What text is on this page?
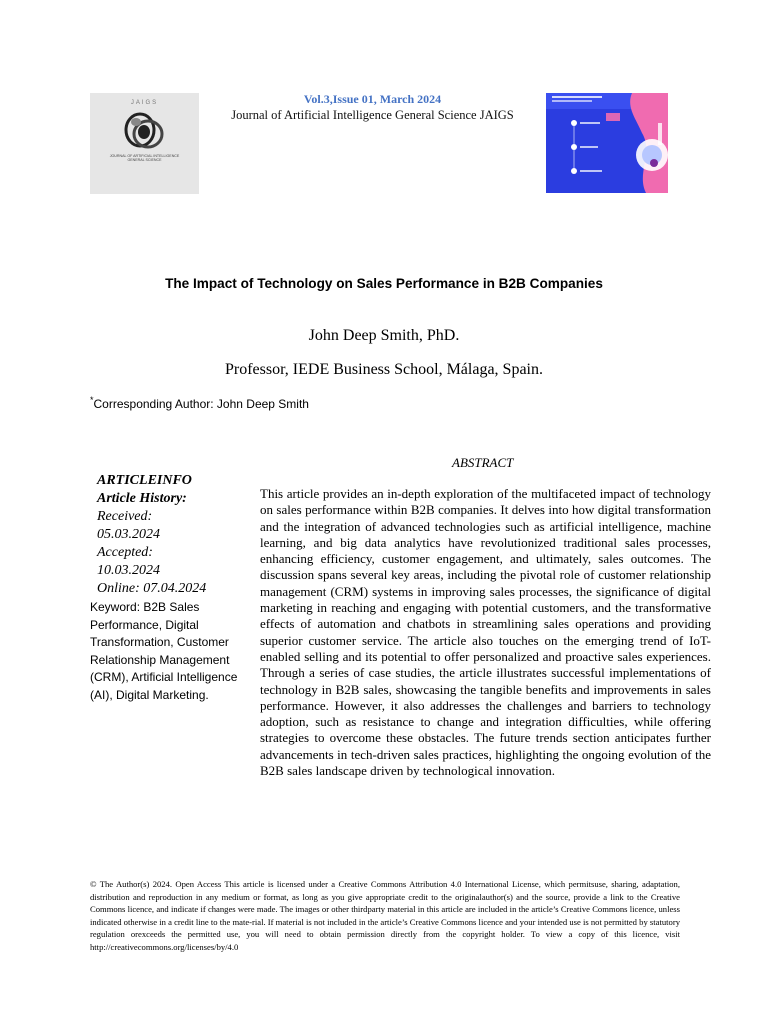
JAIGS
JOURNAL OF ARTIFICIAL INTELLIGENCE GENERAL SCIENCE
Vol.3,Issue 01, March 2024
Journal of Artificial Intelligence General Science JAIGS
The Impact of Technology on Sales Performance in B2B Companies
John Deep Smith, PhD.
Professor, IEDE Business School, Málaga, Spain.
*Corresponding Author: John Deep Smith
ARTICLEINFO
Article History:
Received:
05.03.2024
Accepted:
10.03.2024
Online: 07.04.2024
Keyword: B2B Sales Performance, Digital Transformation, Customer Relationship Management (CRM), Artificial Intelligence (AI), Digital Marketing.
ABSTRACT
This article provides an in-depth exploration of the multifaceted impact of technology on sales performance within B2B companies. It delves into how digital transformation and the integration of advanced technologies such as artificial intelligence, machine learning, and big data analytics have revolutionized traditional sales processes, enhancing efficiency, customer engagement, and ultimately, sales outcomes. The discussion spans several key areas, including the pivotal role of customer relationship management (CRM) systems in improving sales processes, the significance of digital marketing in reaching and engaging with potential customers, and the transformative effects of automation and chatbots in streamlining sales operations and providing superior customer service. The article also touches on the emerging trend of IoT-enabled selling and its potential to offer personalized and proactive sales experiences. Through a series of case studies, the article illustrates successful implementations of technology in B2B sales, showcasing the tangible benefits and improvements in sales performance. However, it also addresses the challenges and barriers to technology adoption, such as resistance to change and integration difficulties, while offering strategies to overcome these obstacles. The future trends section anticipates further advancements in tech-driven sales practices, highlighting the ongoing evolution of the B2B sales landscape driven by technological innovation.
© The Author(s) 2024. Open Access This article is licensed under a Creative Commons Attribution 4.0 International License, which permitsuse, sharing, adaptation, distribution and reproduction in any medium or format, as long as you give appropriate credit to the originalauthor(s) and the source, provide a link to the Creative Commons licence, and indicate if changes were made. The images or other thirdparty material in this article are included in the article’s Creative Commons licence, unless indicated otherwise in a credit line to the mate-rial. If material is not included in the article’s Creative Commons licence and your intended use is not permitted by statutory regulation orexceeds the permitted use, you will need to obtain permission directly from the copyright holder. To view a copy of this licence, visit http://creativecommons.org/licenses/by/4.0
